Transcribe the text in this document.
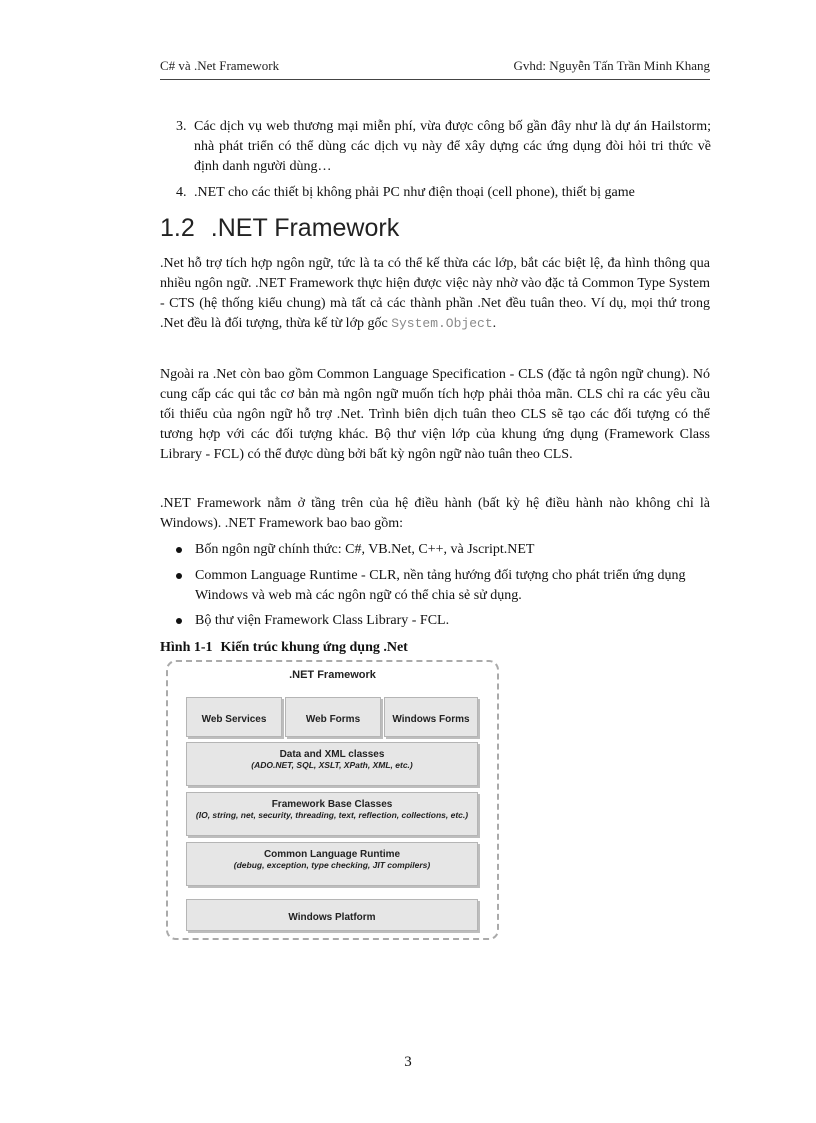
C# và .Net Framework	Gvhd: Nguyễn Tấn Trần Minh Khang
3. Các dịch vụ web thương mại miễn phí, vừa được công bố gần đây như là dự án Hailstorm; nhà phát triển có thể dùng các dịch vụ này để xây dựng các ứng dụng đòi hỏi tri thức về định danh người dùng…
4. .NET cho các thiết bị không phải PC như điện thoại (cell phone), thiết bị game
1.2 .NET Framework
.Net hỗ trợ tích hợp ngôn ngữ, tức là ta có thể kế thừa các lớp, bắt các biệt lệ, đa hình thông qua nhiều ngôn ngữ. .NET Framework thực hiện được việc này nhờ vào đặc tả Common Type System - CTS (hệ thống kiểu chung) mà tất cả các thành phần .Net đều tuân theo. Ví dụ, mọi thứ trong .Net đều là đối tượng, thừa kế từ lớp gốc System.Object.
Ngoài ra .Net còn bao gồm Common Language Specification - CLS (đặc tả ngôn ngữ chung). Nó cung cấp các qui tắc cơ bản mà ngôn ngữ muốn tích hợp phải thỏa mãn. CLS chỉ ra các yêu cầu tối thiểu của ngôn ngữ hỗ trợ .Net. Trình biên dịch tuân theo CLS sẽ tạo các đối tượng có thể tương hợp với các đối tượng khác. Bộ thư viện lớp của khung ứng dụng (Framework Class Library - FCL) có thể được dùng bởi bất kỳ ngôn ngữ nào tuân theo CLS.
.NET Framework nằm ở tầng trên của hệ điều hành (bất kỳ hệ điều hành nào không chỉ là Windows). .NET Framework bao bao gồm:
Bốn ngôn ngữ chính thức: C#, VB.Net, C++, và Jscript.NET
Common Language Runtime - CLR, nền tảng hướng đối tượng cho phát triển ứng dụng Windows và web mà các ngôn ngữ có thể chia sẻ sử dụng.
Bộ thư viện Framework Class Library - FCL.
Hình 1-1 Kiến trúc khung ứng dụng .Net
.NET Framework
Web Services	Web Forms	Windows Forms
Data and XML classes
(ADO.NET, SQL, XSLT, XPath, XML, etc.)
Framework Base Classes
(IO, string, net, security, threading, text, reflection, collections, etc.)
Common Language Runtime
(debug, exception, type checking, JIT compilers)
Windows Platform
3
